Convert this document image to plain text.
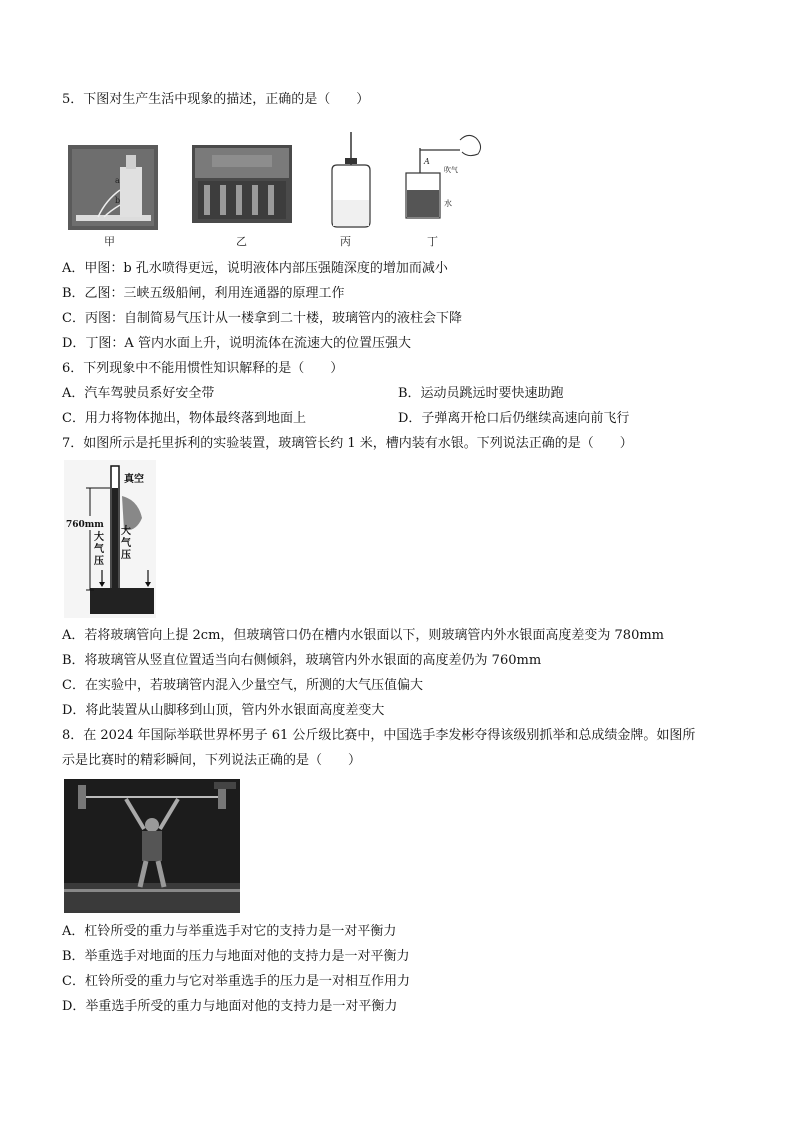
5．下图对生产生活中现象的描述，正确的是（　　）
a
b
A
吹气
水
甲	乙	丙	丁
A．甲图：b 孔水喷得更远，说明液体内部压强随深度的增加而减小
B．乙图：三峡五级船闸，利用连通器的原理工作
C．丙图：自制简易气压计从一楼拿到二十楼，玻璃管内的液柱会下降
D．丁图：A 管内水面上升，说明流体在流速大的位置压强大
6．下列现象中不能用惯性知识解释的是（　　）
A．汽车驾驶员系好安全带	B．运动员跳远时要快速助跑
C．用力将物体抛出，物体最终落到地面上	D．子弹离开枪口后仍继续高速向前飞行
7．如图所示是托里拆利的实验装置，玻璃管长约 1 米，槽内装有水银。下列说法正确的是（　　）
760mm
真空
大气压
大气压
A．若将玻璃管向上提 2cm，但玻璃管口仍在槽内水银面以下，则玻璃管内外水银面高度差变为 780mm
B．将玻璃管从竖直位置适当向右侧倾斜，玻璃管内外水银面的高度差仍为 760mm
C．在实验中，若玻璃管内混入少量空气，所测的大气压值偏大
D．将此装置从山脚移到山顶，管内外水银面高度差变大
8．在 2024 年国际举联世界杯男子 61 公斤级比赛中，中国选手李发彬夺得该级别抓举和总成绩金牌。如图所
示是比赛时的精彩瞬间，下列说法正确的是（　　）
A．杠铃所受的重力与举重选手对它的支持力是一对平衡力
B．举重选手对地面的压力与地面对他的支持力是一对平衡力
C．杠铃所受的重力与它对举重选手的压力是一对相互作用力
D．举重选手所受的重力与地面对他的支持力是一对平衡力
